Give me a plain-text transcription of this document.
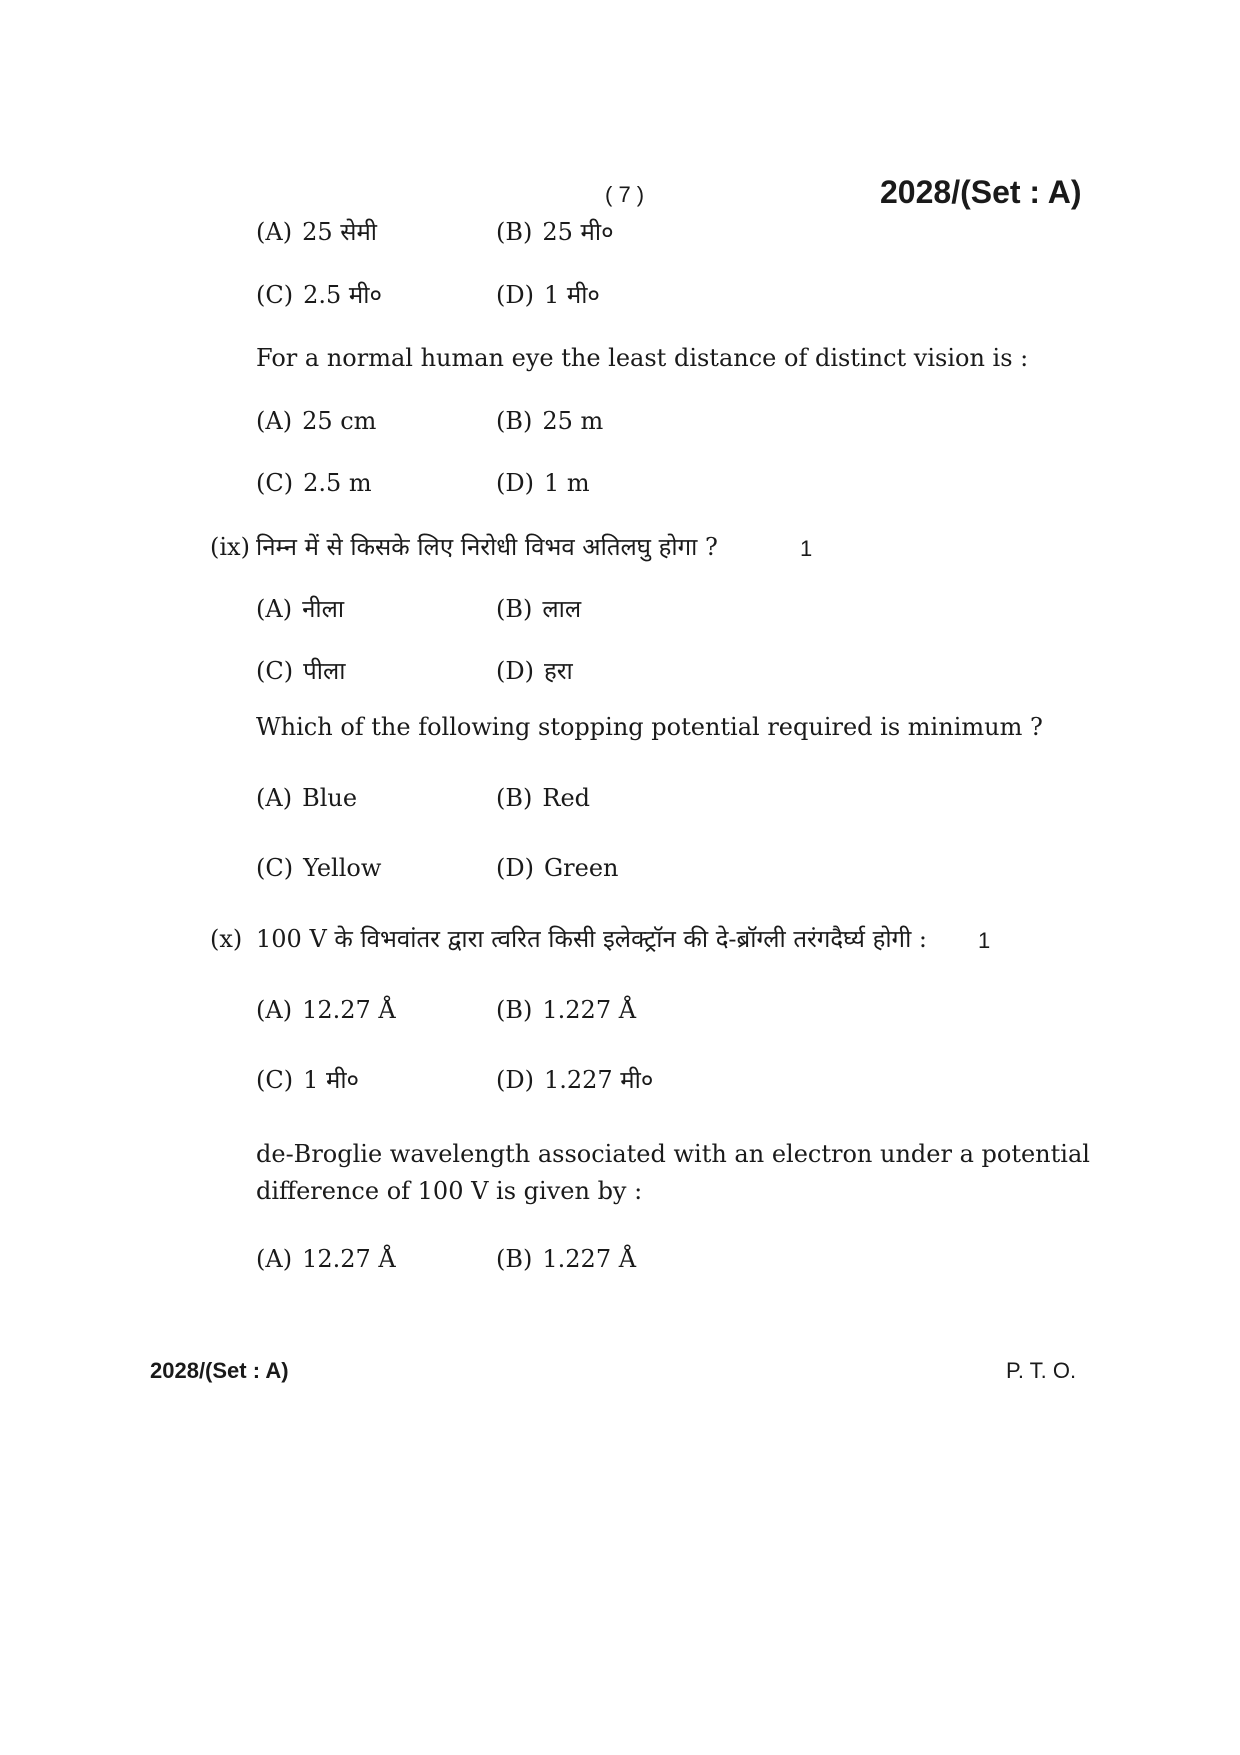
( 7 )	2028/(Set : A)
(A) 25 सेमी	(B) 25 मी०
(C) 2.5 मी०	(D) 1 मी०
For a normal human eye the least distance of distinct vision is :
(A) 25 cm	(B) 25 m
(C) 2.5 m	(D) 1 m
(ix) निम्न में से किसके लिए निरोधी विभव अतिलघु होगा ?	1
(A) नीला	(B) लाल
(C) पीला	(D) हरा
Which of the following stopping potential required is minimum ?
(A) Blue	(B) Red
(C) Yellow	(D) Green
(x) 100 V के विभवांतर द्वारा त्वरित किसी इलेक्ट्रॉन की दे-ब्रॉग्ली तरंगदैर्घ्य होगी : 1
(A) 12.27 Å	(B) 1.227 Å
(C) 1 मी०	(D) 1.227 मी०
de-Broglie wavelength associated with an electron under a potential difference of 100 V is given by :
(A) 12.27 Å	(B) 1.227 Å
2028/(Set : A)	P. T. O.
